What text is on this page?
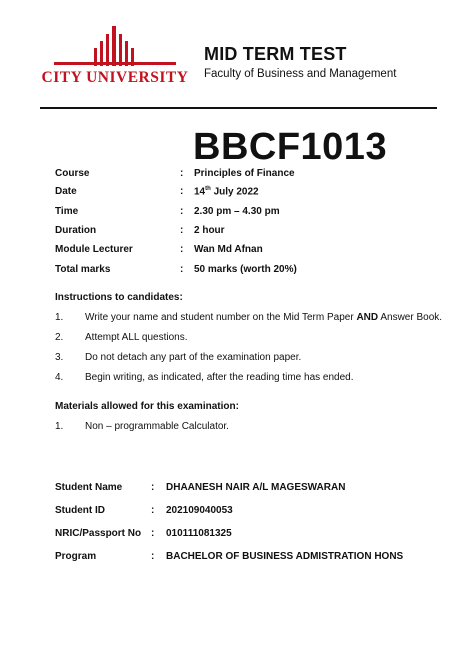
CITY UNIVERSITY
MID TERM TEST
Faculty of Business and Management
BBCF1013
Course	: Principles of Finance
Date	: 14th July 2022
Time	: 2.30 pm – 4.30 pm
Duration	: 2 hour
Module Lecturer	: Wan Md Afnan
Total marks	: 50 marks (worth 20%)
Instructions to candidates:
1. Write your name and student number on the Mid Term Paper AND Answer Book.
2. Attempt ALL questions.
3. Do not detach any part of the examination paper.
4. Begin writing, as indicated, after the reading time has ended.
Materials allowed for this examination:
1. Non – programmable Calculator.
Student Name	: DHAANESH NAIR A/L MAGESWARAN
Student ID	: 202109040053
NRIC/Passport No : 010111081325
Program	: BACHELOR OF BUSINESS ADMISTRATION HONS
